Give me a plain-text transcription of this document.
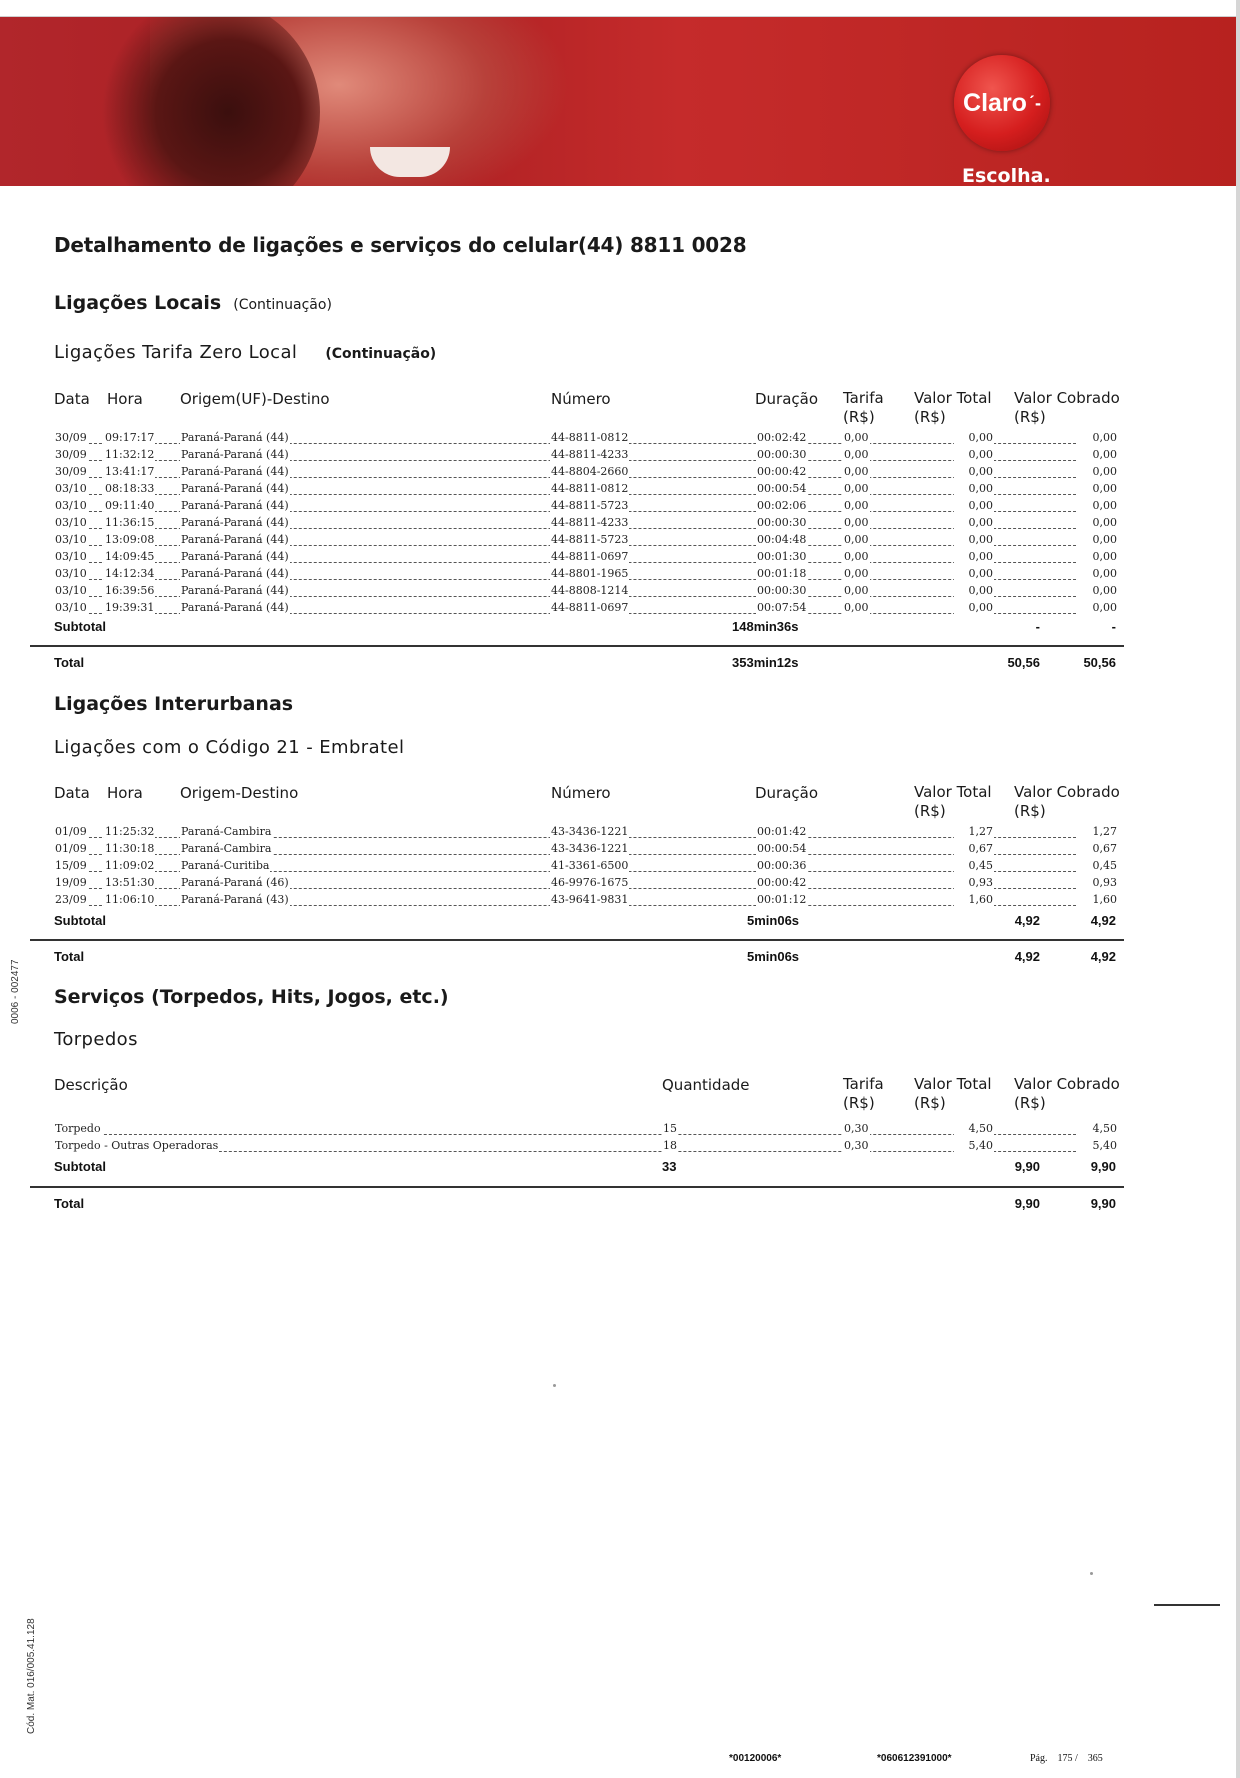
Claro ˊ-
Escolha.
Detalhamento de ligações e serviços do celular(44) 8811 0028
Ligações Locais (Continuação)
Ligações Tarifa Zero Local (Continuação)
Data Hora Origem(UF)-Destino	Número	Duração Tarifa (R$)
Valor Total (R$)
Valor Cobrado (R$)
30/09 09:17:17 Paraná-Paraná (44)	44-8811-0812	00:02:42	0,00	0,00	0,00
30/09 11:32:12 Paraná-Paraná (44)	44-8811-4233	00:00:30	0,00	0,00	0,00
30/09 13:41:17 Paraná-Paraná (44)	44-8804-2660	00:00:42	0,00	0,00	0,00
03/10 08:18:33 Paraná-Paraná (44)	44-8811-0812	00:00:54	0,00	0,00	0,00
03/10 09:11:40 Paraná-Paraná (44)	44-8811-5723	00:02:06	0,00	0,00	0,00
03/10 11:36:15 Paraná-Paraná (44)	44-8811-4233	00:00:30	0,00	0,00	0,00
03/10 13:09:08 Paraná-Paraná (44)	44-8811-5723	00:04:48	0,00	0,00	0,00
03/10 14:09:45 Paraná-Paraná (44)	44-8811-0697	00:01:30	0,00	0,00	0,00
03/10 14:12:34 Paraná-Paraná (44)	44-8801-1965	00:01:18	0,00	0,00	0,00
03/10 16:39:56 Paraná-Paraná (44)	44-8808-1214	00:00:30	0,00	0,00	0,00
03/10 19:39:31 Paraná-Paraná (44)	44-8811-0697	00:07:54	0,00	0,00	0,00
Subtotal	148min36s	-	-
Total	353min12s	50,56	50,56
Ligações Interurbanas
Ligações com o Código 21 - Embratel
Data Hora Origem-Destino	Número	Duração	Valor Total (R$)
Valor Cobrado (R$)
01/09 11:25:32 Paraná-Cambira	43-3436-1221	00:01:42	1,27	1,27
01/09 11:30:18 Paraná-Cambira	43-3436-1221	00:00:54	0,67	0,67
15/09 11:09:02 Paraná-Curitiba	41-3361-6500	00:00:36	0,45	0,45
19/09 13:51:30 Paraná-Paraná (46)	46-9976-1675	00:00:42	0,93	0,93
23/09 11:06:10 Paraná-Paraná (43)	43-9641-9831	00:01:12	1,60	1,60
Subtotal	5min06s	4,92	4,92
Total	5min06s	4,92	4,92
Serviços (Torpedos, Hits, Jogos, etc.)
Torpedos
Descrição	Quantidade	Tarifa (R$)
Valor Total (R$)
Valor Cobrado (R$)
Torpedo	15	0,30	4,50	4,50
Torpedo - Outras Operadoras	18	0,30	5,40	5,40
Subtotal	33	9,90	9,90
Total	9,90	9,90
0006 - 002477
Cód. Mat. 016/005.41.128
*00120006*	*060612391000*	Pág. 175 / 365
